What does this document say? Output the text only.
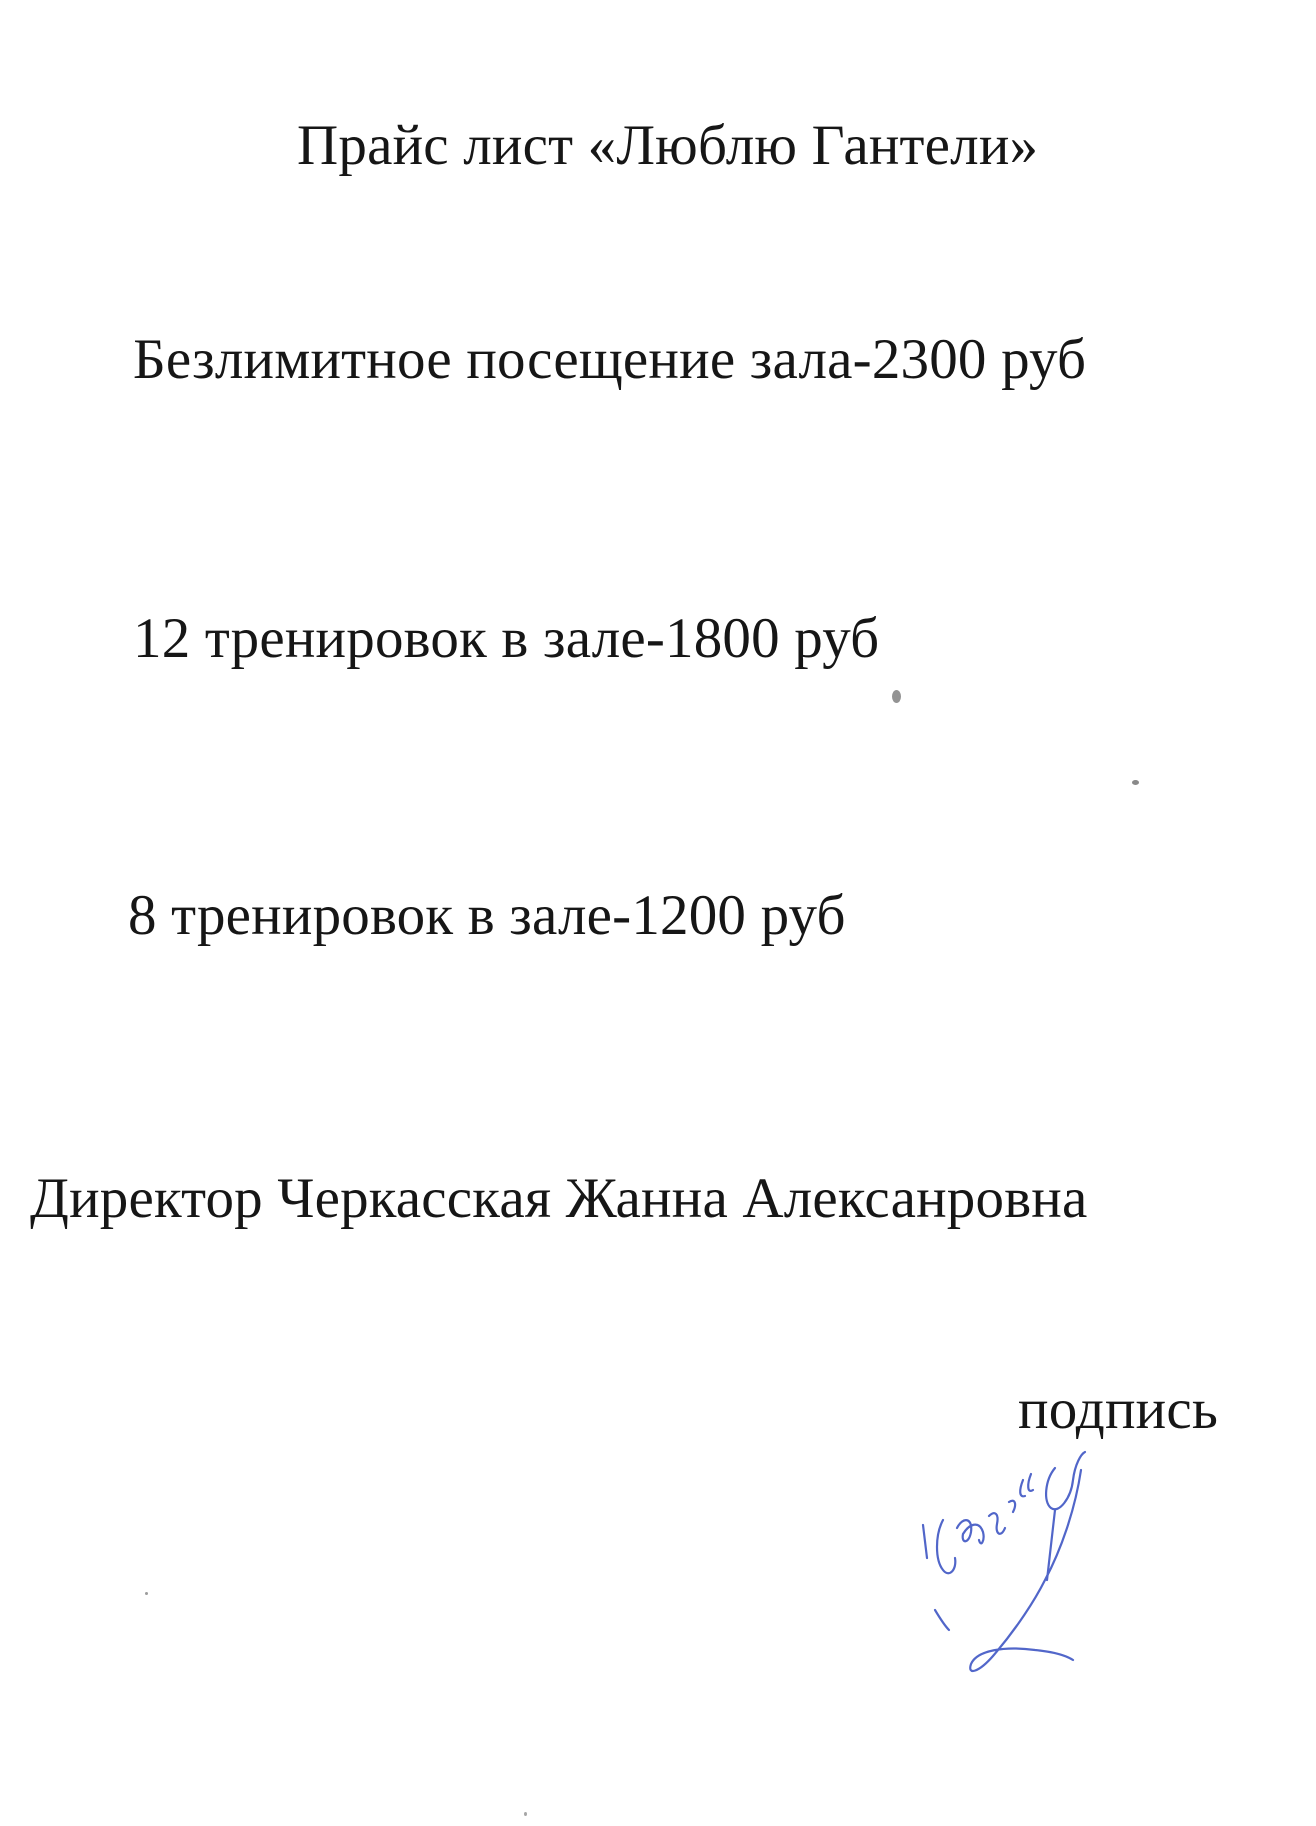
Прайс лист «Люблю Гантели»

Безлимитное посещение зала-2300 руб

12 тренировок в зале-1800 руб

8 тренировок в зале-1200 руб

Директор Черкасская Жанна Алексанровна

подпись
